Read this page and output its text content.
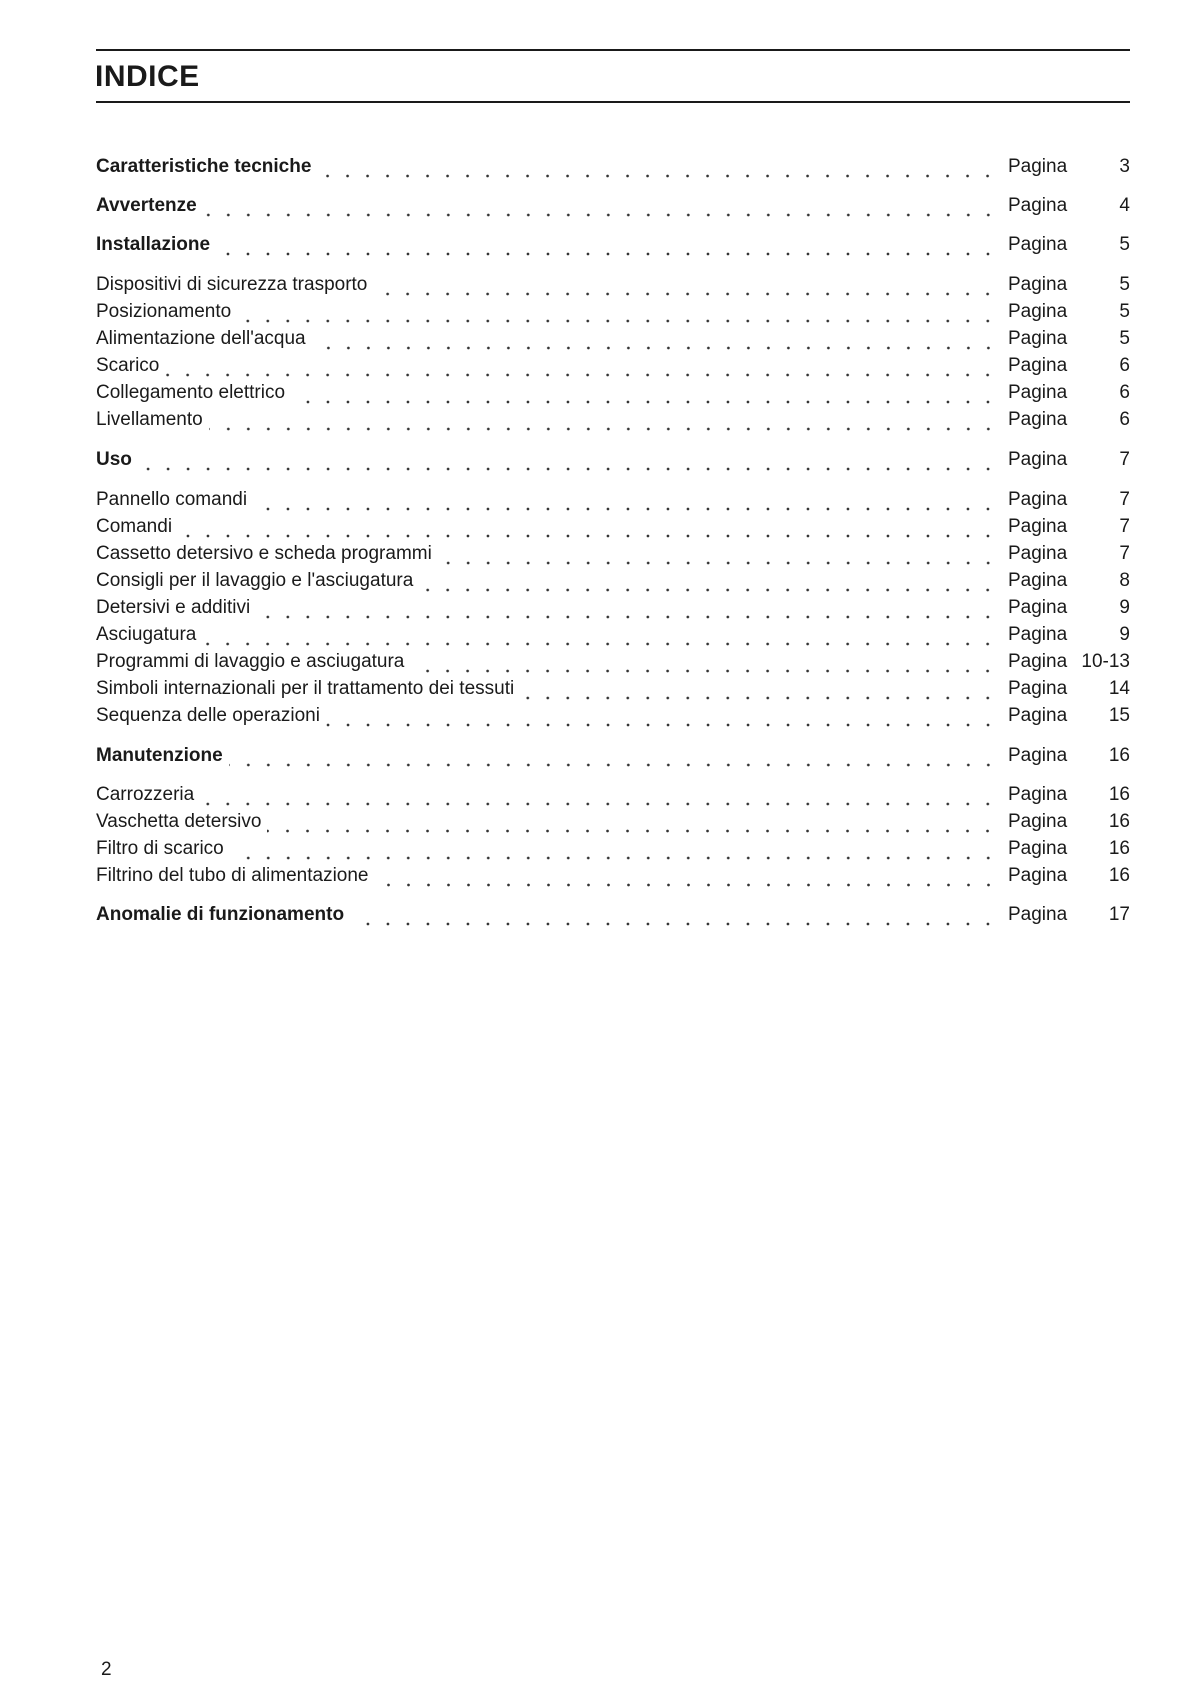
INDICE
Caratteristiche tecniche	Pagina	3
Avvertenze	Pagina	4
Installazione	Pagina	5
Dispositivi di sicurezza trasporto	Pagina	5
Posizionamento	Pagina	5
Alimentazione dell'acqua	Pagina	5
Scarico	Pagina	6
Collegamento elettrico	Pagina	6
Livellamento	Pagina	6
Uso	Pagina	7
Pannello comandi	Pagina	7
Comandi	Pagina	7
Cassetto detersivo e scheda programmi	Pagina	7
Consigli per il lavaggio e l'asciugatura	Pagina	8
Detersivi e additivi	Pagina	9
Asciugatura	Pagina	9
Programmi di lavaggio e asciugatura	Pagina 10-13
Simboli internazionali per il trattamento dei tessuti	Pagina	14
Sequenza delle operazioni	Pagina	15
Manutenzione	Pagina	16
Carrozzeria	Pagina	16
Vaschetta detersivo	Pagina	16
Filtro di scarico	Pagina	16
Filtrino del tubo di alimentazione	Pagina	16
Anomalie di funzionamento	Pagina	17
2
